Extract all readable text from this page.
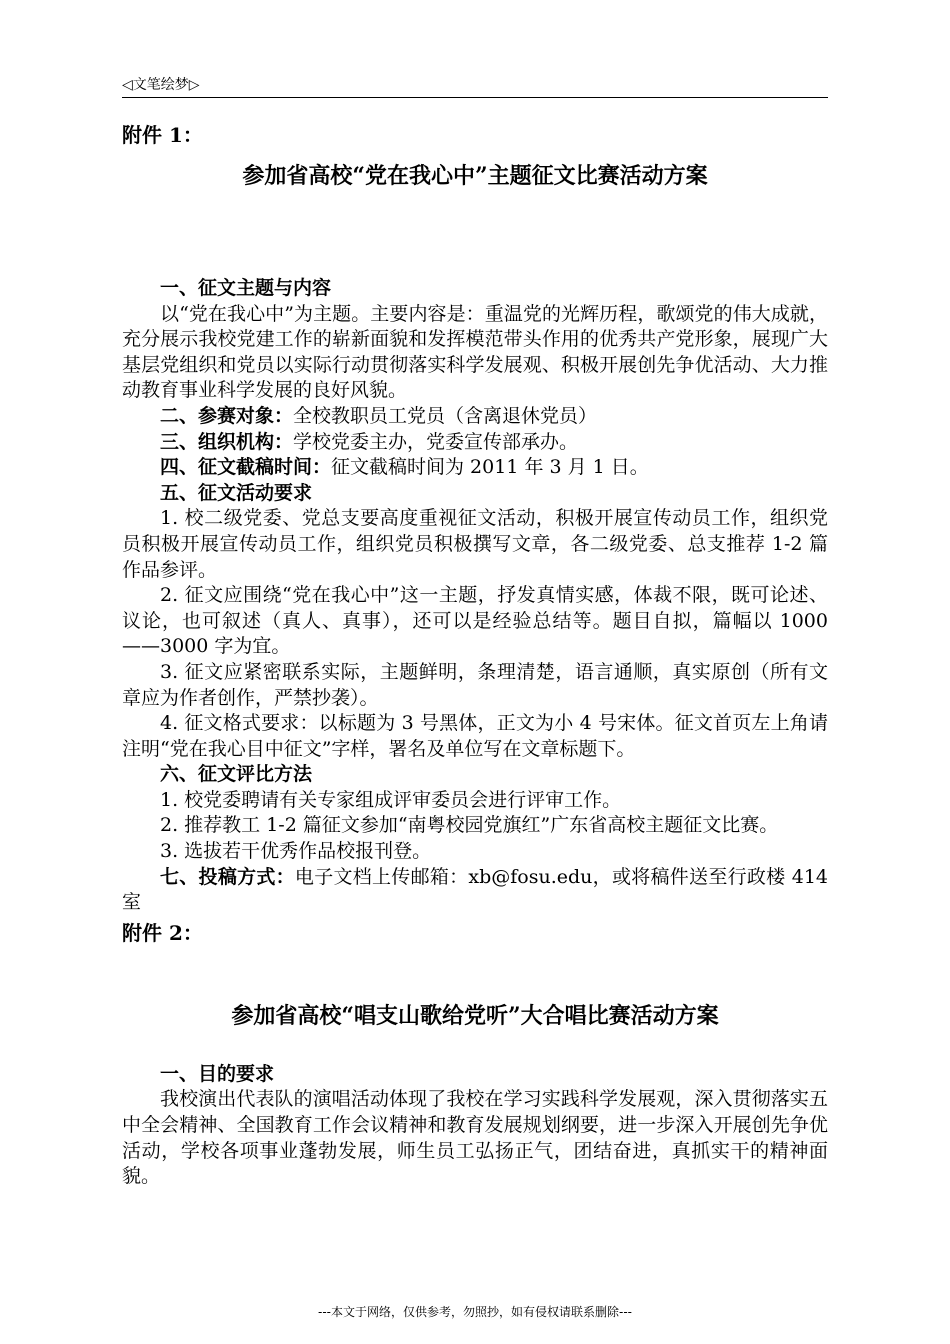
◁文笔绘梦▷
附件 1：
参加省高校“党在我心中”主题征文比赛活动方案
一、征文主题与内容
以“党在我心中”为主题。主要内容是：重温党的光辉历程，歌颂党的伟大成就，充分展示我校党建工作的崭新面貌和发挥模范带头作用的优秀共产党形象，展现广大基层党组织和党员以实际行动贯彻落实科学发展观、积极开展创先争优活动、大力推动教育事业科学发展的良好风貌。
二、参赛对象：全校教职员工党员（含离退休党员）
三、组织机构：学校党委主办，党委宣传部承办。
四、征文截稿时间：征文截稿时间为 2011 年 3 月 1 日。
五、征文活动要求
1. 校二级党委、党总支要高度重视征文活动，积极开展宣传动员工作，组织党员积极开展宣传动员工作，组织党员积极撰写文章，各二级党委、总支推荐 1-2 篇作品参评。
2. 征文应围绕“党在我心中”这一主题，抒发真情实感，体裁不限，既可论述、议论，也可叙述（真人、真事），还可以是经验总结等。题目自拟，篇幅以 1000——3000 字为宜。
3. 征文应紧密联系实际，主题鲜明，条理清楚，语言通顺，真实原创（所有文章应为作者创作，严禁抄袭）。
4. 征文格式要求：以标题为 3 号黑体，正文为小 4 号宋体。征文首页左上角请注明“党在我心目中征文”字样，署名及单位写在文章标题下。
六、征文评比方法
1. 校党委聘请有关专家组成评审委员会进行评审工作。
2. 推荐教工 1-2 篇征文参加“南粤校园党旗红”广东省高校主题征文比赛。
3. 选拔若干优秀作品校报刊登。
七、投稿方式：电子文档上传邮箱：xb@fosu.edu，或将稿件送至行政楼 414 室
附件 2：
参加省高校“唱支山歌给党听”大合唱比赛活动方案
一、目的要求
我校演出代表队的演唱活动体现了我校在学习实践科学发展观，深入贯彻落实五中全会精神、全国教育工作会议精神和教育发展规划纲要，进一步深入开展创先争优活动，学校各项事业蓬勃发展，师生员工弘扬正气，团结奋进，真抓实干的精神面貌。
---本文于网络，仅供参考，勿照抄，如有侵权请联系删除---
